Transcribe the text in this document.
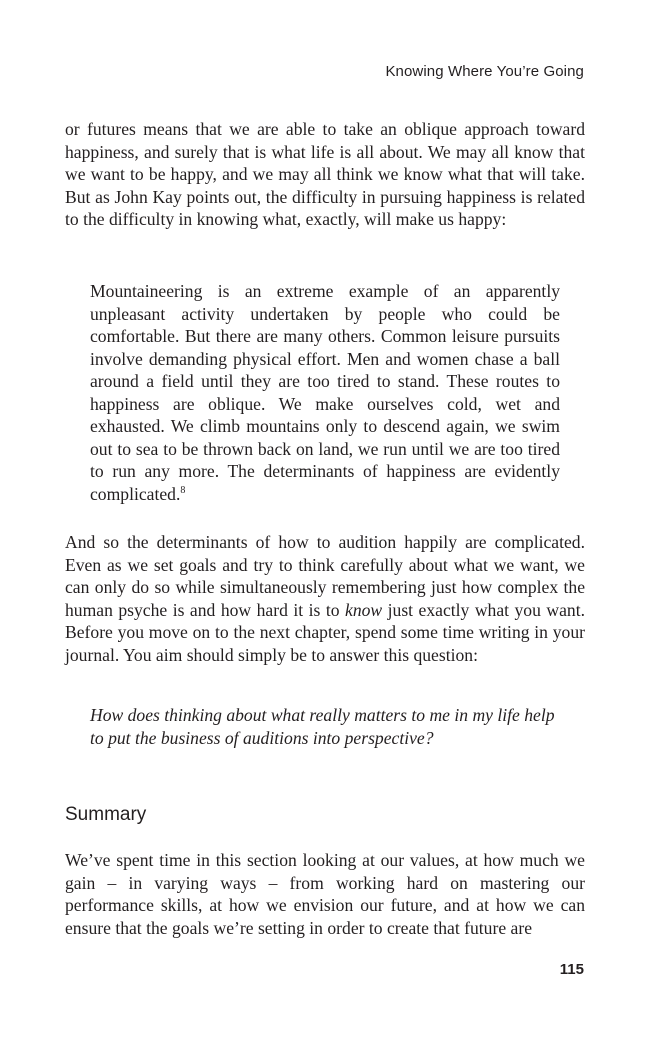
Knowing Where You’re Going

or futures means that we are able to take an oblique approach toward happiness, and surely that is what life is all about. We may all know that we want to be happy, and we may all think we know what that will take. But as John Kay points out, the difficulty in pursuing happiness is related to the difficulty in knowing what, exactly, will make us happy:

Mountaineering is an extreme example of an apparently unpleasant activity undertaken by people who could be comfortable. But there are many others. Common leisure pursuits involve demanding physical effort. Men and women chase a ball around a field until they are too tired to stand. These routes to happiness are oblique. We make ourselves cold, wet and exhausted. We climb mountains only to descend again, we swim out to sea to be thrown back on land, we run until we are too tired to run any more. The determinants of happiness are evidently complicated.$^8$

And so the determinants of how to audition happily are complicated. Even as we set goals and try to think carefully about what we want, we can only do so while simultaneously remembering just how complex the human psyche is and how hard it is to know just exactly what you want. Before you move on to the next chapter, spend some time writing in your journal. You aim should simply be to answer this question:

How does thinking about what really matters to me in my life help to put the business of auditions into perspective?

Summary

We’ve spent time in this section looking at our values, at how much we gain – in varying ways – from working hard on mastering our performance skills, at how we envision our future, and at how we can ensure that the goals we’re setting in order to create that future are

115
